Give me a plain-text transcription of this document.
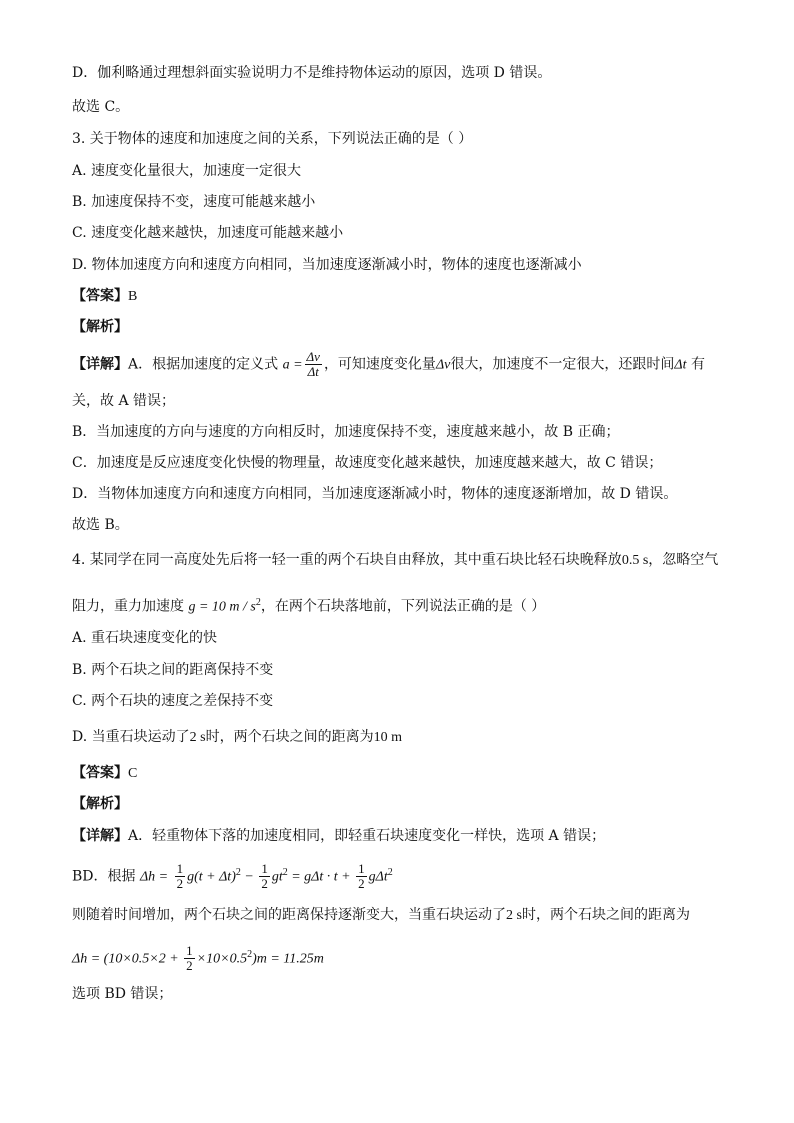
D．伽利略通过理想斜面实验说明力不是维持物体运动的原因，选项 D 错误。
故选 C。
3. 关于物体的速度和加速度之间的关系，下列说法正确的是（ ）
A. 速度变化量很大，加速度一定很大
B. 加速度保持不变，速度可能越来越小
C. 速度变化越来越快，加速度可能越来越小
D. 物体加速度方向和速度方向相同，当加速度逐渐减小时，物体的速度也逐渐减小
【答案】B
【解析】
【详解】A．根据加速度的定义式 $a = \frac{\Delta v}{\Delta t}$ ，可知速度变化量Δv很大，加速度不一定很大，还跟时间Δt 有
关，故 A 错误；
B．当加速度的方向与速度的方向相反时，加速度保持不变，速度越来越小，故 B 正确；
C．加速度是反应速度变化快慢的物理量，故速度变化越来越快，加速度越来越大，故 C 错误；
D．当物体加速度方向和速度方向相同，当加速度逐渐减小时，物体的速度逐渐增加，故 D 错误。
故选 B。
4. 某同学在同一高度处先后将一轻一重的两个石块自由释放，其中重石块比轻石块晚释放0.5 s，忽略空气
阻力，重力加速度 g = 10 m / $s^2$，在两个石块落地前，下列说法正确的是（ ）
A. 重石块速度变化的快
B. 两个石块之间的距离保持不变
C. 两个石块的速度之差保持不变
D. 当重石块运动了2 s时，两个石块之间的距离为10 m
【答案】C
【解析】
【详解】A．轻重物体下落的加速度相同，即轻重石块速度变化一样快，选项 A 错误；
BD．根据 $\Delta h = \frac{1}{2} g(t + \Delta t)^2 - \frac{1}{2} gt^2 = g\Delta t \cdot t + \frac{1}{2} g\Delta t^2$
则随着时间增加，两个石块之间的距离保持逐渐变大，当重石块运动了2 s时，两个石块之间的距离为
$\Delta h = (10\times 0.5\times 2 + \frac{1}{2} \times 10\times 0.5^2)m = 11.25m$
选项 BD 错误；
